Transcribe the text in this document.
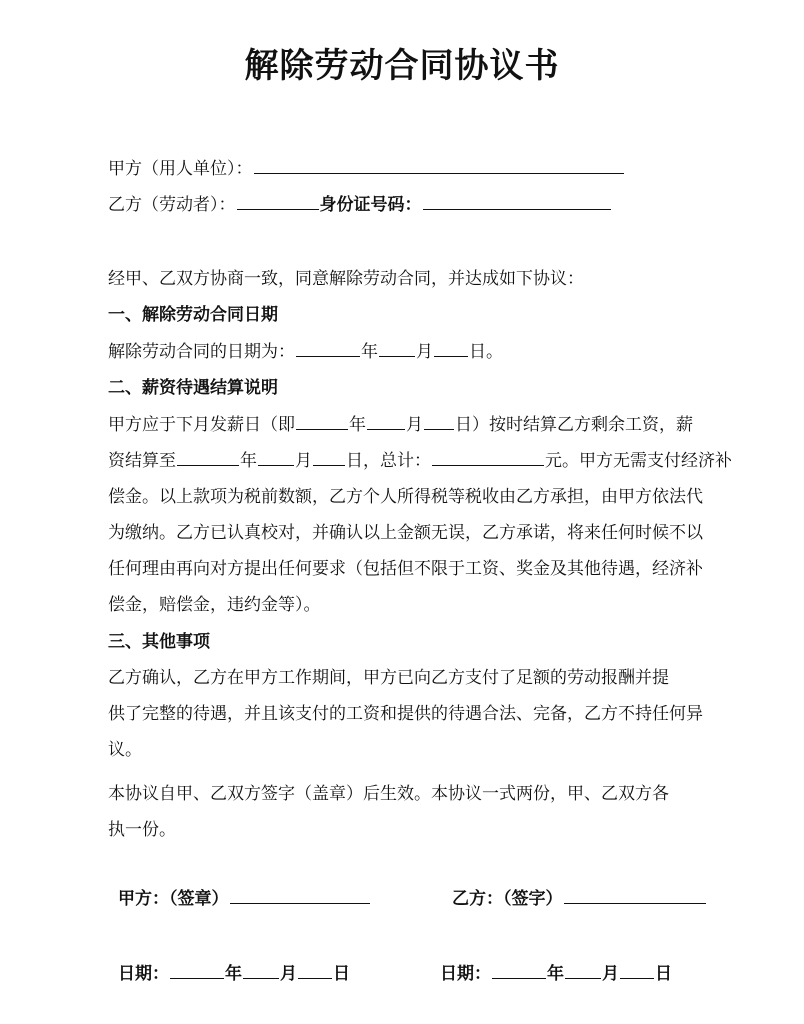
解除劳动合同协议书
甲方（用人单位）：
乙方（劳动者）：	身份证号码：
经甲、乙双方协商一致，同意解除劳动合同，并达成如下协议：
一、解除劳动合同日期
解除劳动合同的日期为：	年 月 日。
二、薪资待遇结算说明
甲方应于下月发薪日（即	年 月 日）按时结算乙方剩余工资，薪
资结算至	年 月 日，总计：	元。甲方无需支付经济补
偿金。以上款项为税前数额，乙方个人所得税等税收由乙方承担，由甲方依法代
为缴纳。乙方已认真校对，并确认以上金额无误，乙方承诺，将来任何时候不以
任何理由再向对方提出任何要求（包括但不限于工资、奖金及其他待遇，经济补
偿金，赔偿金，违约金等）。
三、其他事项
乙方确认，乙方在甲方工作期间，甲方已向乙方支付了足额的劳动报酬并提
供了完整的待遇，并且该支付的工资和提供的待遇合法、完备，乙方不持任何异
议。
本协议自甲、乙双方签字（盖章）后生效。本协议一式两份，甲、乙双方各
执一份。
甲方：（签章）	乙方：（签字）
日期：	年 月 日	日期：	年 月 日
